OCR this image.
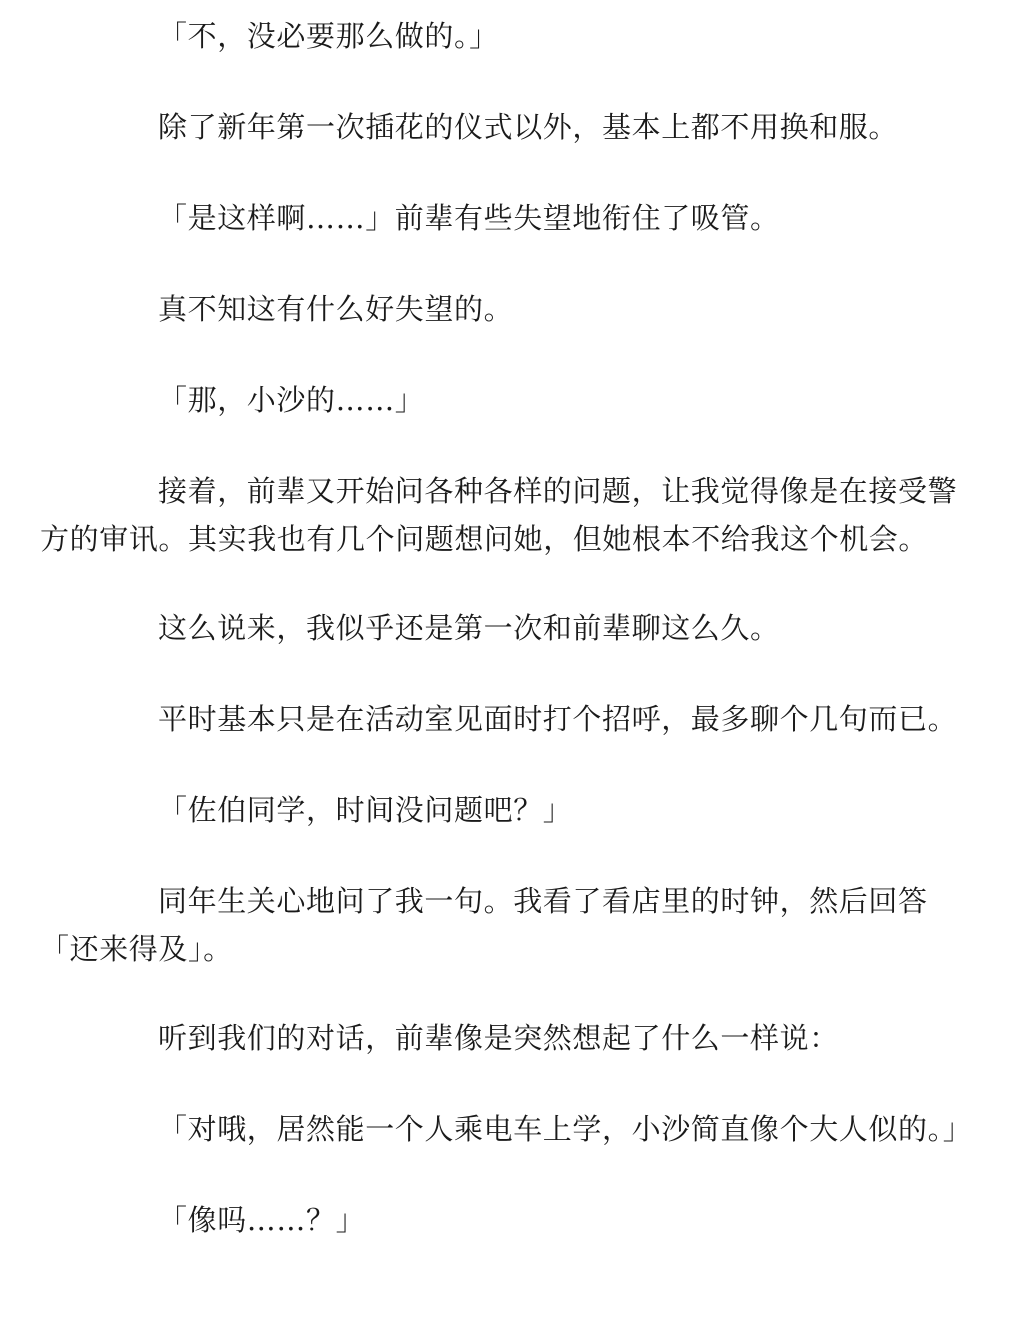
「不，没必要那么做的。」

除了新年第一次插花的仪式以外，基本上都不用换和服。

「是这样啊……」前辈有些失望地衔住了吸管。

真不知这有什么好失望的。

「那，小沙的……」

接着，前辈又开始问各种各样的问题，让我觉得像是在接受警方的审讯。其实我也有几个问题想问她，但她根本不给我这个机会。

这么说来，我似乎还是第一次和前辈聊这么久。

平时基本只是在活动室见面时打个招呼，最多聊个几句而已。

「佐伯同学，时间没问题吧？」

同年生关心地问了我一句。我看了看店里的时钟，然后回答「还来得及」。

听到我们的对话，前辈像是突然想起了什么一样说：

「对哦，居然能一个人乘电车上学，小沙简直像个大人似的。」

「像吗……？」
